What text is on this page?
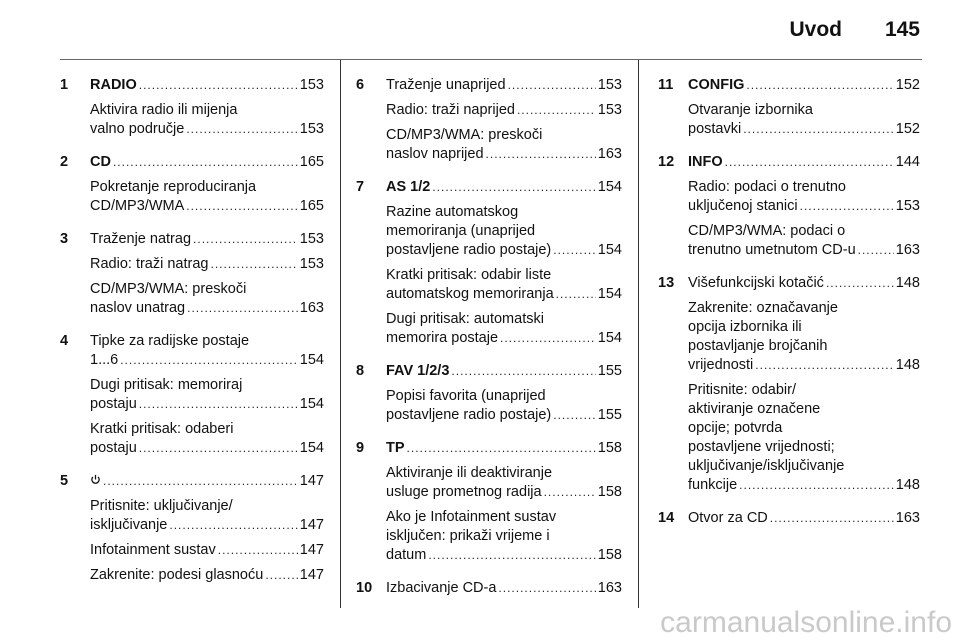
Uvod 145
1	RADIO .....	153
Aktivira radio ili mijenja
valno područje .....	153
2	CD .....	165
Pokretanje reproduciranja
CD/MP3/WMA .....	165
3	Traženje natrag .....	153
Radio: traži natrag .....	153
CD/MP3/WMA: preskoči
naslov unatrag .....	163
4	Tipke za radijske postaje
1...6 .....	154
Dugi pritisak: memoriraj
postaju .....	154
Kratki pritisak: odaberi
postaju .....	154
5 .....	147
Pritisnite: uključivanje/
isključivanje .....	147
Infotainment sustav .....	147
Zakrenite: podesi glasnoću .....	147
6	Traženje unaprijed .....	153
Radio: traži naprijed .....	153
CD/MP3/WMA: preskoči
naslov naprijed .....	163
7	AS 1/2 .....	154
Razine automatskog
memoriranja (unaprijed
postavljene radio postaje) .....	154
Kratki pritisak: odabir liste
automatskog memoriranja .....	154
Dugi pritisak: automatski
memorira postaje .....	154
8	FAV 1/2/3 .....	155
Popisi favorita (unaprijed
postavljene radio postaje) .....	155
9	TP .....	158
Aktiviranje ili deaktiviranje
usluge prometnog radija .....	158
Ako je Infotainment sustav
isključen: prikaži vrijeme i
datum .....	158
10 Izbacivanje CD-a .....	163
11	CONFIG .....	152
Otvaranje izbornika
postavki .....	152
12 INFO .....	144
Radio: podaci o trenutno
uključenoj stanici .....	153
CD/MP3/WMA: podaci o
trenutno umetnutom CD-u .....	163
13 Višefunkcijski kotačić .....	148
Zakrenite: označavanje
opcija izbornika ili
postavljanje brojčanih
vrijednosti .....	148
Pritisnite: odabir/
aktiviranje označene
opcije; potvrda
postavljene vrijednosti;
uključivanje/isključivanje
funkcije .....	148
14 Otvor za CD .....	163
carmanualsonline.info
